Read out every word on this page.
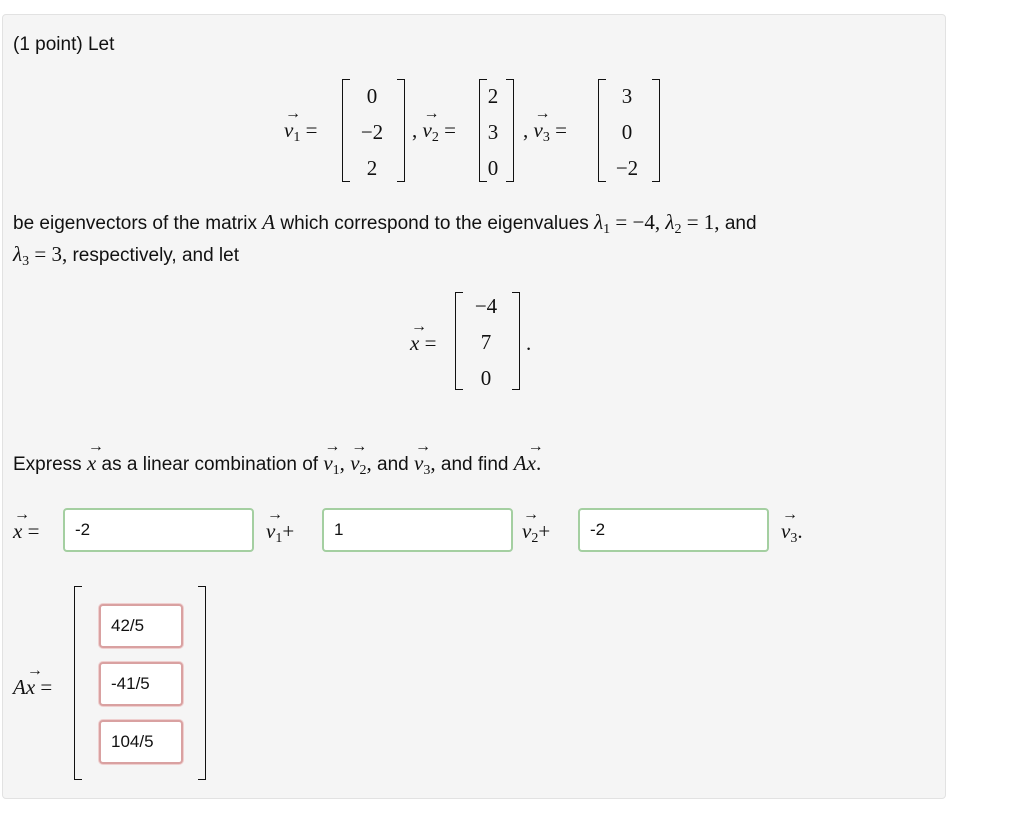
(1 point) Let
→ $v_1$ =
0
−2
2
, → $v_2$ =
2
3
0
, → $v_3$ =
3
0
−2
be eigenvectors of the matrix A which correspond to the eigenvalues $\lambda_1 = -4$, $\lambda_2 = 1$, and
$\lambda_3 = 3$, respectively, and let
→ x =
−4
7
0
.
Express → x as a linear combination of → $v_1$, → $v_2$, and → $v_3$, and find A→ x.
→ x =
-2	→ $v_1+$
1	→ $v_2+$
-2	→ $v_3$.
A→ x =
42/5
-41/5
104/5
